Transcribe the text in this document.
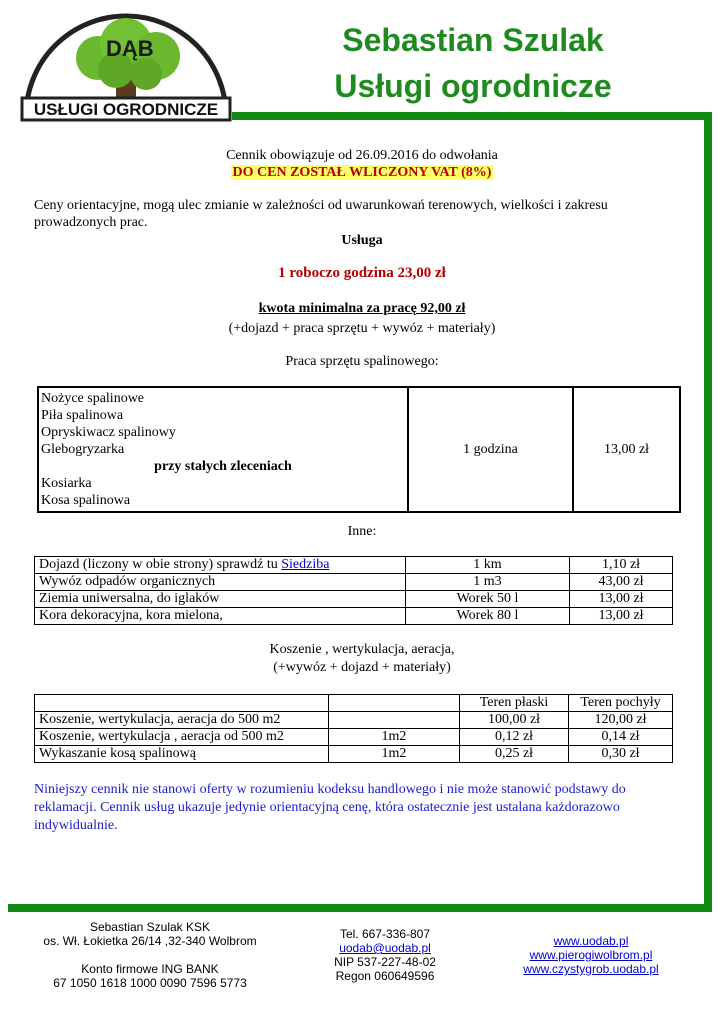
DĄB
USŁUGI OGRODNICZE
Sebastian Szulak
Usługi ogrodnicze
Cennik obowiązuje od 26.09.2016 do odwołania
DO CEN ZOSTAŁ WLICZONY VAT (8%)
Ceny orientacyjne, mogą ulec zmianie w zależności od uwarunkowań terenowych, wielkości i zakresu prowadzonych prac.
Usługa
1 roboczo godzina 23,00 zł
kwota minimalna za pracę 92,00 zł
(+dojazd + praca sprzętu + wywóz + materiały)
Praca sprzętu spalinowego:
Nożyce spalinowe
Piła spalinowa
Opryskiwacz spalinowy
Glebogryzarka
przy stałych zleceniach
Kosiarka
Kosa spalinowa
	1 godzina	13,00 zł
Inne:
Dojazd (liczony w obie strony) sprawdź tu Siedziba	1 km	1,10 zł
Wywóz odpadów organicznych	1 m3	43,00 zł
Ziemia uniwersalna, do iglaków	Worek 50 l	13,00 zł
Kora dekoracyjna, kora mielona,	Worek 80 l	13,00 zł
Koszenie , wertykulacja, aeracja,
(+wywóz + dojazd + materiały)
		Teren płaski	Teren pochyły
Koszenie, wertykulacja, aeracja do 500 m2		100,00 zł	120,00 zł
Koszenie, wertykulacja , aeracja od 500 m2	1m2	0,12 zł	0,14 zł
Wykaszanie kosą spalinową	1m2	0,25 zł	0,30 zł
Niniejszy cennik nie stanowi oferty w rozumieniu kodeksu handlowego i nie może stanowić podstawy do reklamacji. Cennik usług ukazuje jedynie orientacyjną cenę, która ostatecznie jest ustalana każdorazowo indywidualnie.
Sebastian Szulak KSK
os. Wł. Łokietka 26/14 ,32-340 Wolbrom
Konto firmowe ING BANK
67 1050 1618 1000 0090 7596 5773
Tel. 667-336-807
uodab@uodab.pl
NIP 537-227-48-02
Regon 060649596
www.uodab.pl
www.pierogiwolbrom.pl
www.czystygrob.uodab.pl
